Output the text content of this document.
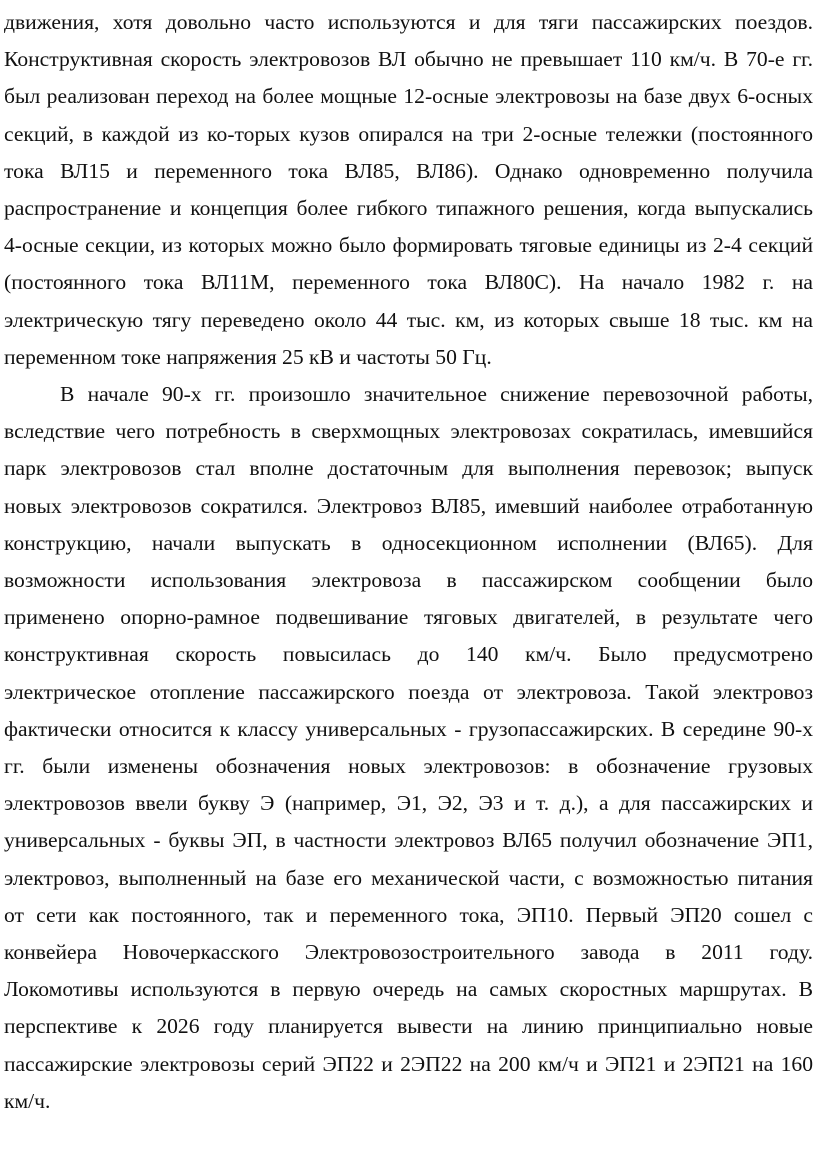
движения, хотя довольно часто используются и для тяги пассажирских поездов.
Конструктивная скорость электровозов ВЛ обычно не превышает 110 км/ч. В 70-е гг.
был реализован переход на более мощные 12-осные электровозы на базе двух 6-осных
секций, в каждой из ко-торых кузов опирался на три 2-осные тележки (постоянного
тока ВЛ15 и переменного тока ВЛ85, ВЛ86). Однако одновременно получила
распространение и концепция более гибкого типажного решения, когда выпускались
4-осные секции, из которых можно было формировать тяговые единицы из 2-4 секций
(постоянного тока ВЛ11М, переменного тока ВЛ80С). На начало 1982 г. на
электрическую тягу переведено около 44 тыс. км, из которых свыше 18 тыс. км на
переменном токе напряжения 25 кВ и частоты 50 Гц.
В начале 90-х гг. произошло значительное снижение перевозочной работы,
вследствие чего потребность в сверхмощных электровозах сократилась, имевшийся
парк электровозов стал вполне достаточным для выполнения перевозок; выпуск
новых электровозов сократился. Электровоз ВЛ85, имевший наиболее отработанную
конструкцию, начали выпускать в односекционном исполнении (ВЛ65). Для
возможности использования электровоза в пассажирском сообщении было
применено опорно-рамное подвешивание тяговых двигателей, в результате чего
конструктивная скорость повысилась до 140 км/ч. Было предусмотрено
электрическое отопление пассажирского поезда от электровоза. Такой электровоз
фактически относится к классу универсальных - грузопассажирских. В середине 90-х
гг. были изменены обозначения новых электровозов: в обозначение грузовых
электровозов ввели букву Э (например, Э1, Э2, Э3 и т. д.), а для пассажирских и
универсальных - буквы ЭП, в частности электровоз ВЛ65 получил обозначение ЭП1,
электровоз, выполненный на базе его механической части, с возможностью питания
от сети как постоянного, так и переменного тока, ЭП10. Первый ЭП20 сошел с
конвейера Новочеркасского Электровозостроительного завода в 2011 году.
Локомотивы используются в первую очередь на самых скоростных маршрутах. В
перспективе к 2026 году планируется вывести на линию принципиально новые
пассажирские электровозы серий ЭП22 и 2ЭП22 на 200 км/ч и ЭП21 и 2ЭП21 на 160
км/ч.
